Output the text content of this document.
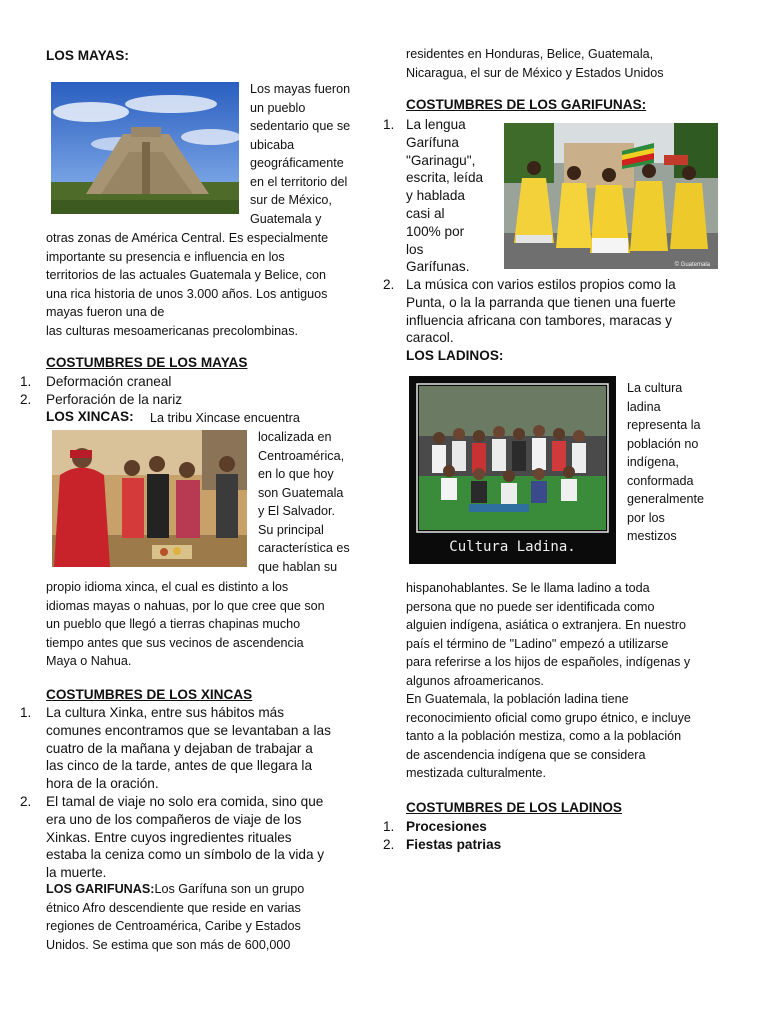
LOS MAYAS:
Los mayas fueron
un pueblo
sedentario que se
ubicaba
geográficamente
en el territorio del
sur de México,
Guatemala y
otras zonas de América Central. Es especialmente
importante su presencia e influencia en los
territorios de las actuales Guatemala y Belice, con
una rica historia de unos 3.000 años. Los antiguos
mayas fueron una de
las culturas mesoamericanas precolombinas.
COSTUMBRES DE LOS MAYAS
1. Deformación craneal
2. Perforación de la nariz
LOS XINCAS: La tribu Xincase encuentra
localizada en
Centroamérica,
en lo que hoy
son Guatemala
y El Salvador.
Su principal
característica es
que hablan su
propio idioma xinca, el cual es distinto a los
idiomas mayas o nahuas, por lo que cree que son
un pueblo que llegó a tierras chapinas mucho
tiempo antes que sus vecinos de ascendencia
Maya o Nahua.
COSTUMBRES DE LOS XINCAS
1. La cultura Xinka, entre sus hábitos más
comunes encontramos que se levantaban a las
cuatro de la mañana y dejaban de trabajar a
las cinco de la tarde, antes de que llegara la
hora de la oración.
2. El tamal de viaje no solo era comida, sino que
era uno de los compañeros de viaje de los
Xinkas. Entre cuyos ingredientes rituales
estaba la ceniza como un símbolo de la vida y
la muerte.
LOS GARIFUNAS:Los Garífuna son un grupo
étnico Afro descendiente que reside en varias
regiones de Centroamérica, Caribe y Estados
Unidos. Se estima que son más de 600,000
residentes en Honduras, Belice, Guatemala,
Nicaragua, el sur de México y Estados Unidos
COSTUMBRES DE LOS GARIFUNAS:
1. La lengua
Garífuna
"Garinagu",
escrita, leída
y hablada
casi al
100% por
los
Garífunas.
2. La música con varios estilos propios como la
Punta, o la la parranda que tienen una fuerte
influencia africana con tambores, maracas y
caracol.
© Guatemala
LOS LADINOS:
Cultura Ladina.
La cultura
ladina
representa la
población no
indígena,
conformada
generalmente
por los
mestizos
hispanohablantes. Se le llama ladino a toda
persona que no puede ser identificada como
alguien indígena, asiática o extranjera. En nuestro
país el término de "Ladino" empezó a utilizarse
para referirse a los hijos de españoles, indígenas y
algunos afroamericanos.
En Guatemala, la población ladina tiene
reconocimiento oficial como grupo étnico, e incluye
tanto a la población mestiza, como a la población
de ascendencia indígena que se considera
mestizada culturalmente.
COSTUMBRES DE LOS LADINOS
1. Procesiones
2. Fiestas patrias
